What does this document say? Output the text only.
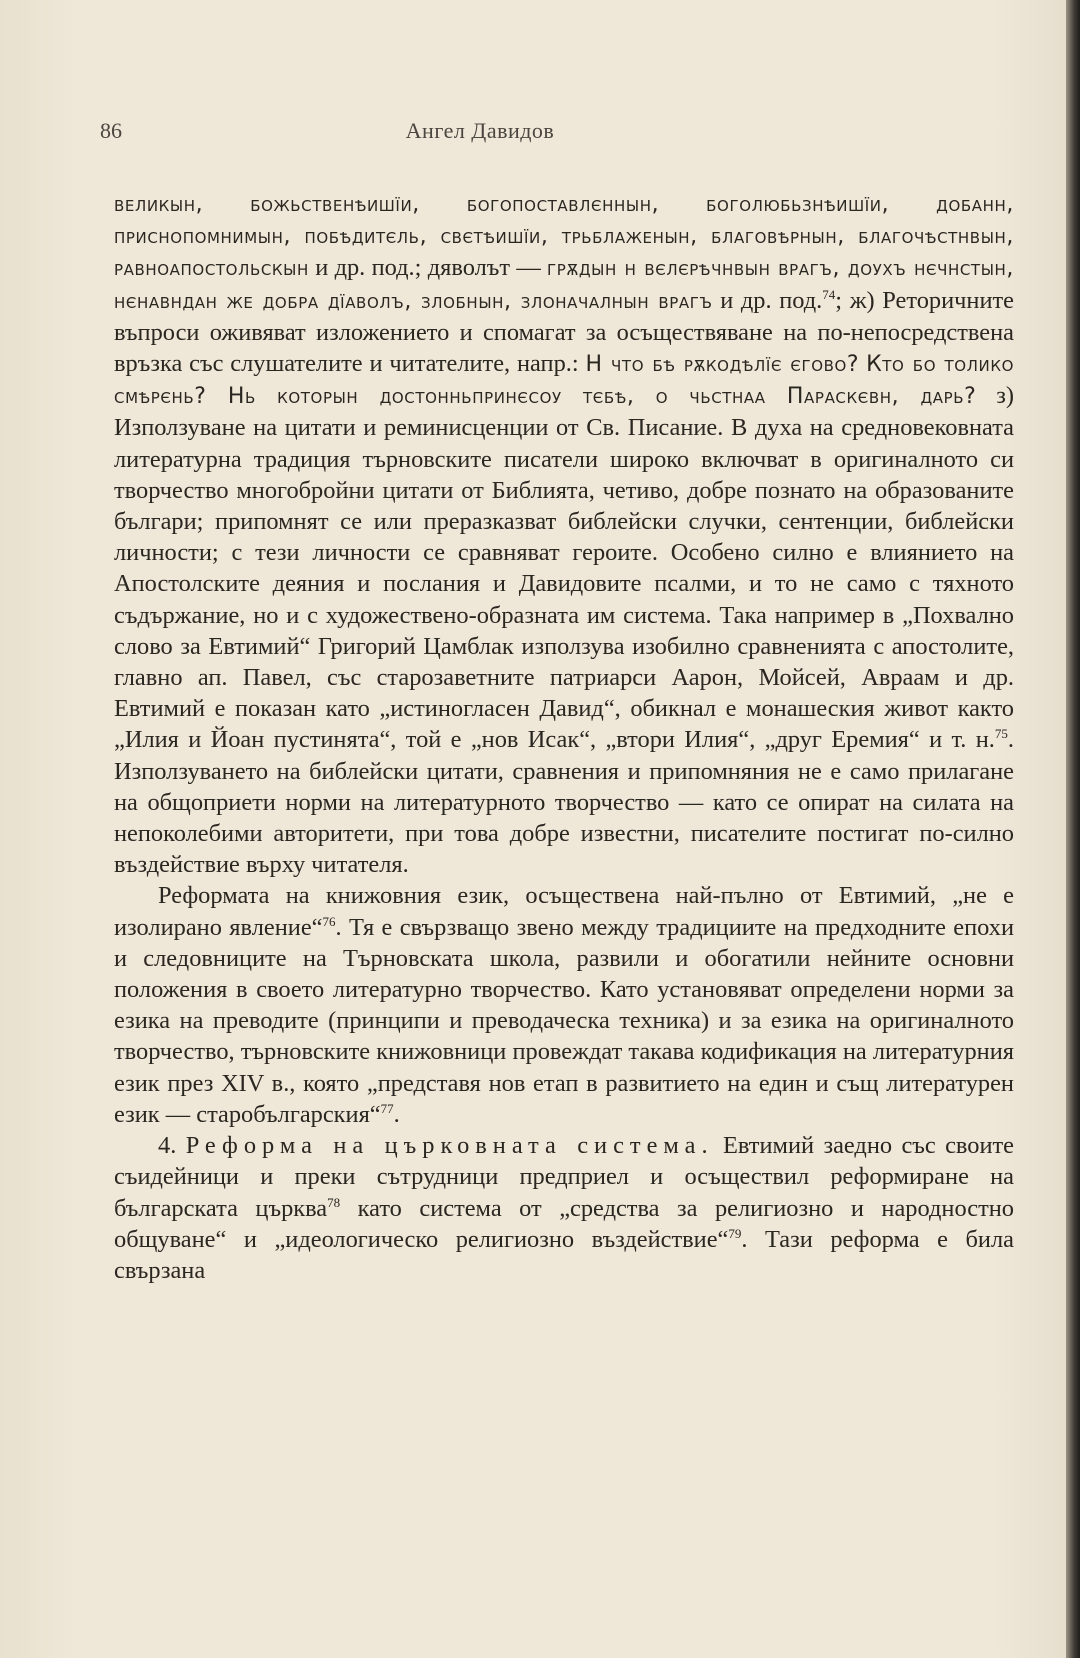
86	Ангел Давидов

великын, божьственѣишїи, богопоставлєннын, боголюбьзнѣишїи, добанн, приснопомнимын, побѣдитєль, свєтѣишїи, трьблаженын, благовѣрнын, благочѣстнвын, равноапостольскын и др. под.; дяволът — грѫдын н вєлєрѣчнвын врагъ, доухъ нєчнстын, нєнавндан же добра дїаволъ, злобнын, злоначалнын врагъ и др. под.$^{74}$; ж) Реторичните въпроси оживяват изложението и спомагат за осъществяване на по-непосредствена връзка със слушателите и читателите, напр.: Н что бѣ рѫкодѣлїє єгово? Кто бо толико смѣрєнь? Нь которын достонньпринєсоу тєбѣ, о чьстнаа Параскєвн, дарь? з) Използуване на цитати и реминисценции от Св. Писание. В духа на средновековната литературна традиция търновските писатели широко включват в оригиналното си творчество многобройни цитати от Библията, четиво, добре познато на образованите българи; припомнят се или преразказват библейски случки, сентенции, библейски личности; с тези личности се сравняват героите. Особено силно е влиянието на Апостолските деяния и послания и Давидовите псалми, и то не само с тяхното съдържание, но и с художествено-образната им система. Така например в „Похвално слово за Евтимий“ Григорий Цамблак използува изобилно сравненията с апостолите, главно ап. Павел, със старозаветните патриарси Аарон, Мойсей, Авраам и др. Евтимий е показан като „истиногласен Давид“, обикнал е монашеския живот както „Илия и Йоан пустинята“, той е „нов Исак“, „втори Илия“, „друг Еремия“ и т. н.$^{75}$. Използуването на библейски цитати, сравнения и припомняния не е само прилагане на общоприети норми на литературното творчество — като се опират на силата на непоколебими авторитети, при това добре известни, писателите постигат по-силно въздействие върху читателя.

Реформата на книжовния език, осъществена най-пълно от Евтимий, „не е изолирано явление“$^{76}$. Тя е свързващо звено между традициите на предходните епохи и следовниците на Търновската школа, развили и обогатили нейните основни положения в своето литературно творчество. Като установяват определени норми за езика на преводите (принципи и преводаческа техника) и за езика на оригиналното творчество, търновските книжовници провеждат такава кодификация на литературния език през XIV в., която „представя нов етап в развитието на един и същ литературен език — старобългарския“$^{77}$.

4. Реформа на църковната система. Евтимий заедно със своите съидейници и преки сътрудници предприел и осъществил реформиране на българската църква$^{78}$ като система от „средства за религиозно и народностно общуване“ и „идеологическо религиозно въздействие“$^{79}$. Тази реформа е била свързана
